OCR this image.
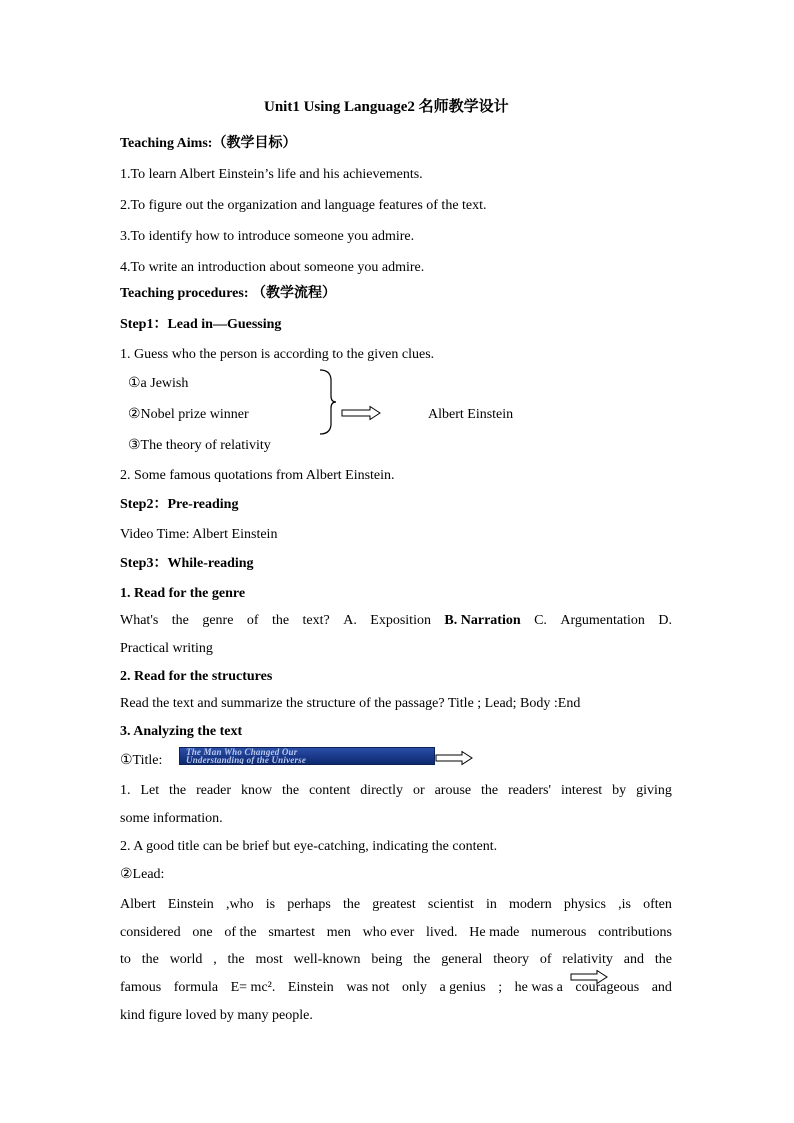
Unit1 Using Language2 名师教学设计
Teaching Aims:（教学目标）
1.To learn Albert Einstein’s life and his achievements.
2.To figure out the organization and language features of the text.
3.To identify how to introduce someone you admire.
4.To write an introduction about someone you admire.
Teaching procedures: （教学流程）
Step1：Lead in—Guessing
1. Guess who the person is according to the given clues.
①a Jewish
②Nobel prize winner
③The theory of relativity
Albert Einstein
2. Some famous quotations from Albert Einstein.
Step2：Pre-reading
Video Time: Albert Einstein
Step3：While-reading
1. Read for the genre
What's the genre of the text? A. Exposition B. Narration C. Argumentation D.
Practical writing
2. Read for the structures
Read the text and summarize the structure of the passage? Title ; Lead; Body :End
3. Analyzing the text
①Title:
The Man Who Changed Our
Understanding of the Universe
1. Let the reader know the content directly or arouse the readers' interest by giving
some information.
2. A good title can be brief but eye-catching, indicating the content.
②Lead:
Albert Einstein ,who is perhaps the greatest scientist in modern physics ,is often
considered one of the smartest men who ever lived. He made numerous contributions
to the world , the most well-known being the general theory of relativity and the
famous formula E= mc². Einstein was not only a genius ; he was a courageous and
kind figure loved by many people.
